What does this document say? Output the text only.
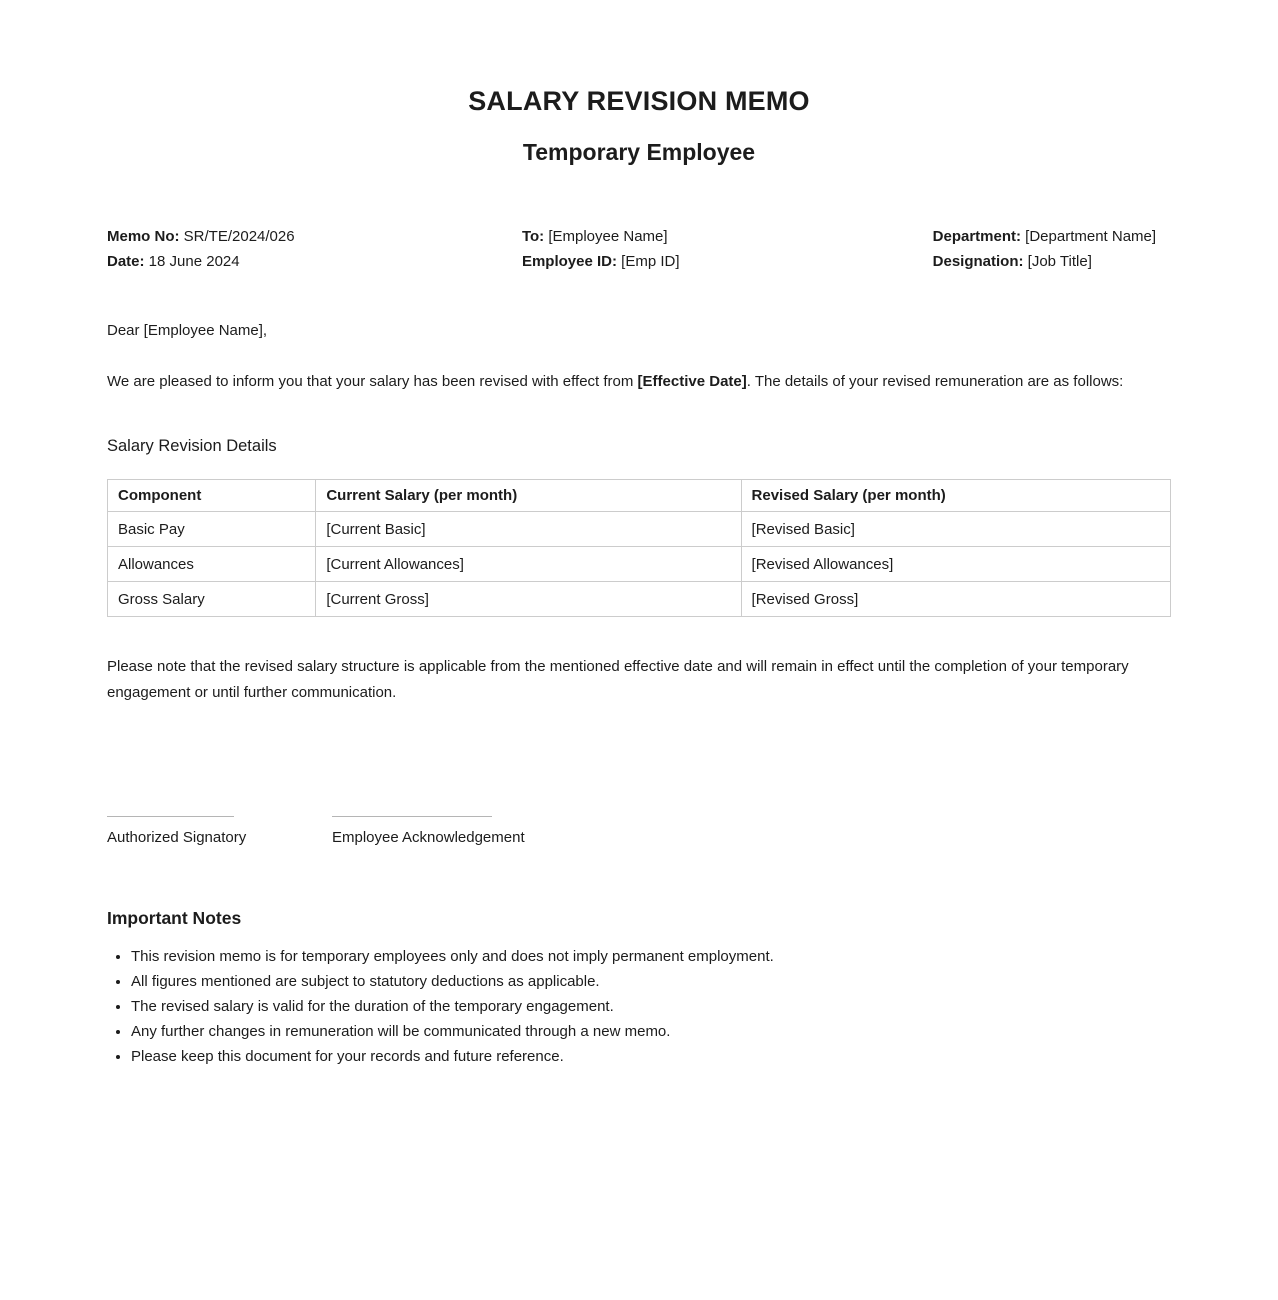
SALARY REVISION MEMO
Temporary Employee
Memo No: SR/TE/2024/026
Date: 18 June 2024
To: [Employee Name]
Employee ID: [Emp ID]
Department: [Department Name]
Designation: [Job Title]
Dear [Employee Name],
We are pleased to inform you that your salary has been revised with effect from [Effective Date]. The details of your revised remuneration are as follows:
Salary Revision Details
Component	Current Salary (per month)	Revised Salary (per month)
Basic Pay	[Current Basic]	[Revised Basic]
Allowances	[Current Allowances]	[Revised Allowances]
Gross Salary	[Current Gross]	[Revised Gross]
Please note that the revised salary structure is applicable from the mentioned effective date and will remain in effect until the completion of your temporary engagement or until further communication.
Authorized Signatory	Employee Acknowledgement
Important Notes
• This revision memo is for temporary employees only and does not imply permanent employment.
• All figures mentioned are subject to statutory deductions as applicable.
• The revised salary is valid for the duration of the temporary engagement.
• Any further changes in remuneration will be communicated through a new memo.
• Please keep this document for your records and future reference.
